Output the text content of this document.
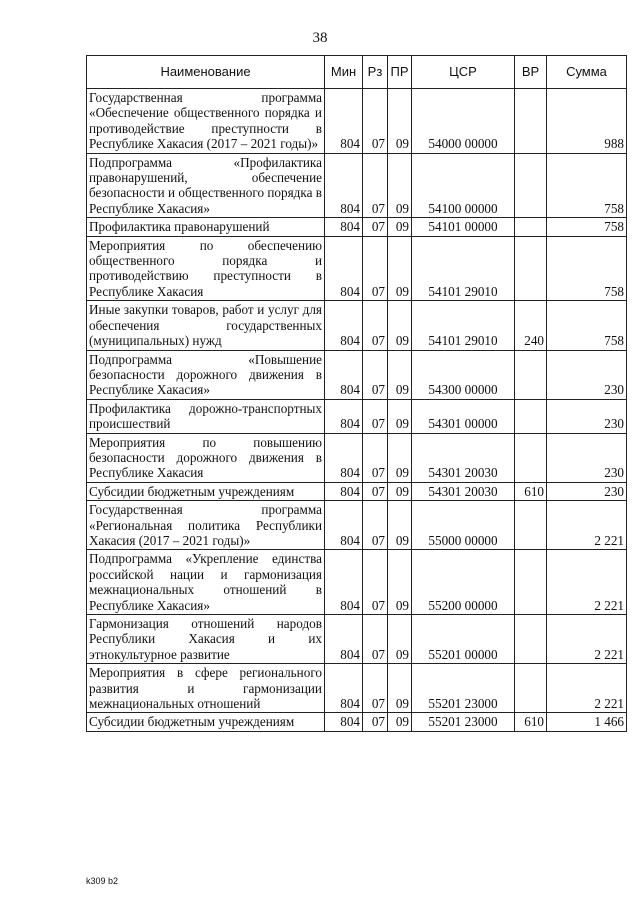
38
Наименование	Мин	Рз	ПР	ЦСР	ВР	Сумма
Государственная программа «Обеспечение общественного порядка и противодействие преступности в Республике Хакасия (2017 – 2021 годы)»	804	07	09	54000 00000		988
Подпрограмма «Профилактика правонарушений, обеспечение безопасности и общественного порядка в Республике Хакасия»	804	07	09	54100 00000		758
Профилактика правонарушений	804	07	09	54101 00000		758
Мероприятия по обеспечению общественного порядка и противодействию преступности в Республике Хакасия	804	07	09	54101 29010		758
Иные закупки товаров, работ и услуг для обеспечения государственных (муниципальных) нужд	804	07	09	54101 29010	240	758
Подпрограмма «Повышение безопасности дорожного движения в Республике Хакасия»	804	07	09	54300 00000		230
Профилактика дорожно-транспортных происшествий	804	07	09	54301 00000		230
Мероприятия по повышению безопасности дорожного движения в Республике Хакасия	804	07	09	54301 20030		230
Субсидии бюджетным учреждениям	804	07	09	54301 20030	610	230
Государственная программа «Региональная политика Республики Хакасия (2017 – 2021 годы)»	804	07	09	55000 00000		2 221
Подпрограмма «Укрепление единства российской нации и гармонизация межнациональных отношений в Республике Хакасия»	804	07	09	55200 00000		2 221
Гармонизация отношений народов Республики Хакасия и их этнокультурное развитие	804	07	09	55201 00000		2 221
Мероприятия в сфере регионального развития и гармонизации межнациональных отношений	804	07	09	55201 23000		2 221
Субсидии бюджетным учреждениям	804	07	09	55201 23000	610	1 466
k309 b2
